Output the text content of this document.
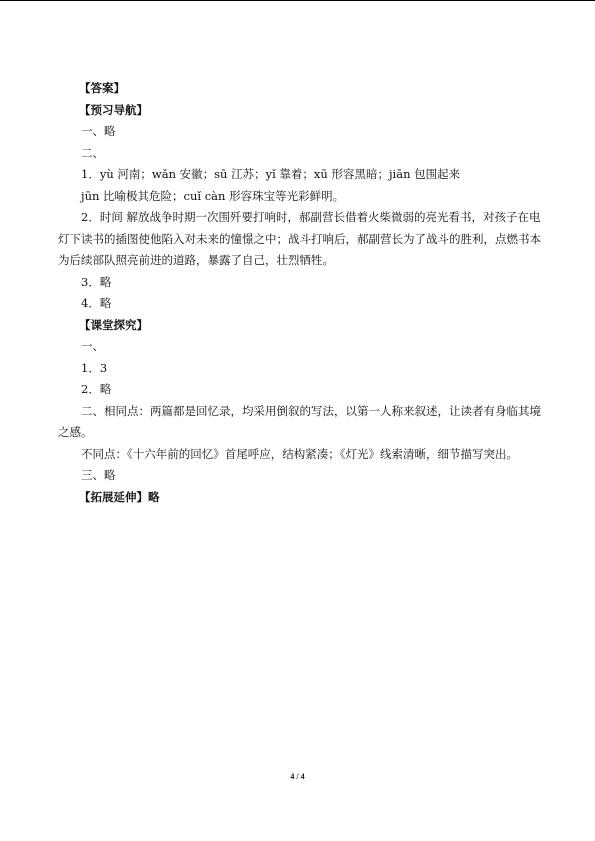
【答案】
【预习导航】
一、略
二、
1．yù 河南；wǎn 安徽；sū 江苏；yǐ 靠着；xū 形容黑暗；jiān 包围起来
jūn 比喻极其危险；cuǐ càn 形容珠宝等光彩鲜明。
2．时间 解放战争时期一次围歼要打响时，郝副营长借着火柴微弱的亮光看书，对孩子在电灯下读书的插图使他陷入对未来的憧憬之中；战斗打响后，郝副营长为了战斗的胜利，点燃书本为后续部队照亮前进的道路，暴露了自己，壮烈牺牲。
3．略
4．略
【课堂探究】
一、
1．3
2．略
二、相同点：两篇都是回忆录，均采用倒叙的写法，以第一人称来叙述，让读者有身临其境之感。
不同点：《十六年前的回忆》首尾呼应，结构紧凑；《灯光》线索清晰，细节描写突出。
三、略
【拓展延伸】略
4 / 4
